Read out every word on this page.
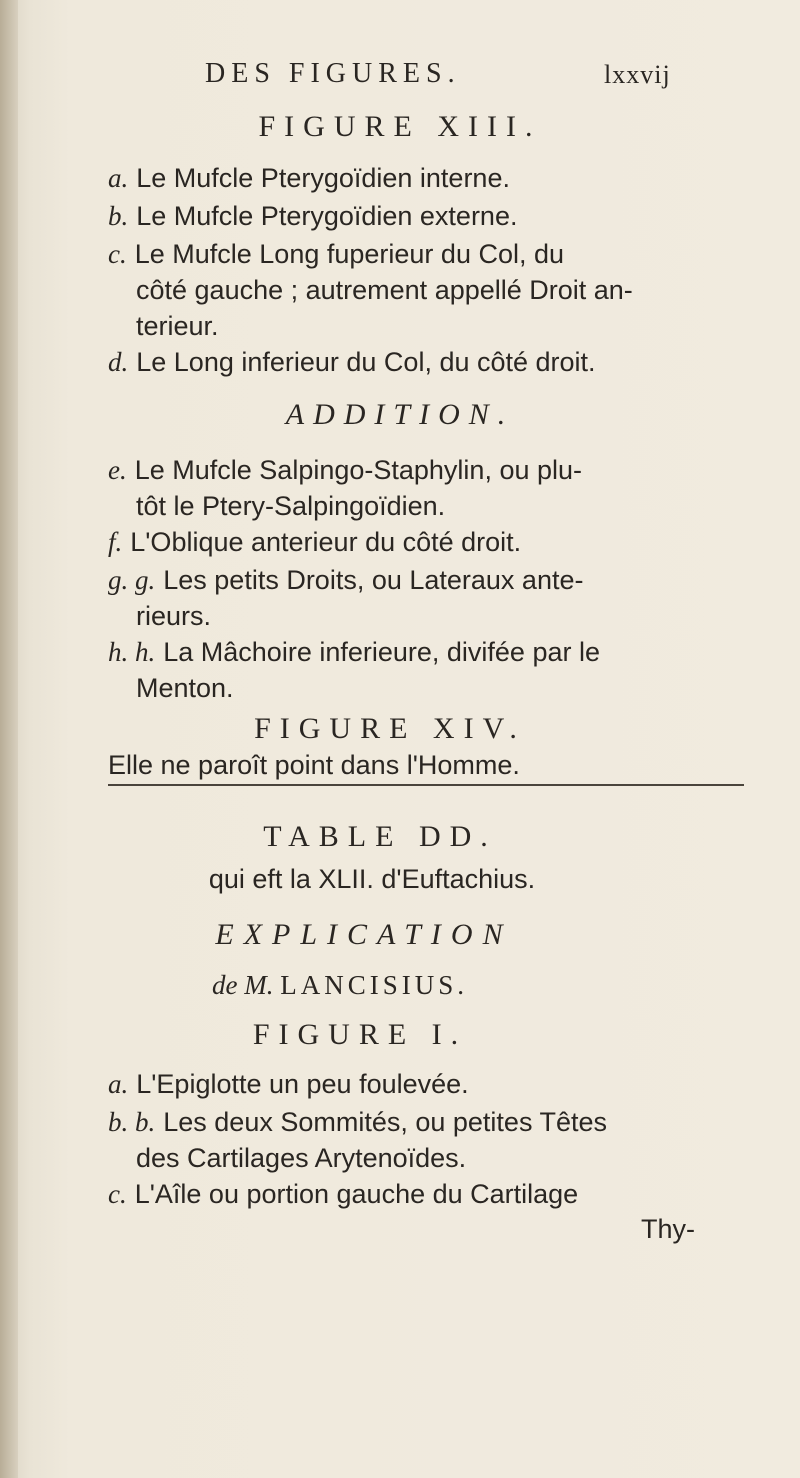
DES FIGURES.	lxxvij
FIGURE XIII.
a. Le Mufcle Pterygoïdien interne.
b. Le Mufcle Pterygoïdien externe.
c. Le Mufcle Long fuperieur du Col, du
côté gauche ; autrement appellé Droit an-
terieur.
d. Le Long inferieur du Col, du côté droit.
ADDITION.
e. Le Mufcle Salpingo-Staphylin, ou plu-
tôt le Ptery-Salpingoïdien.
f. L'Oblique anterieur du côté droit.
g. g. Les petits Droits, ou Lateraux ante-
rieurs.
h. h. La Mâchoire inferieure, divifée par le
Menton.
FIGURE XIV.
Elle ne paroît point dans l'Homme.
TABLE DD.
qui eft la XLII. d'Euftachius.
EXPLICATION
de M. LANCISIUS.
FIGURE I.
a. L'Epiglotte un peu foulevée.
b. b. Les deux Sommités, ou petites Têtes
des Cartilages Arytenoïdes.
c. L'Aîle ou portion gauche du Cartilage
Thy-
